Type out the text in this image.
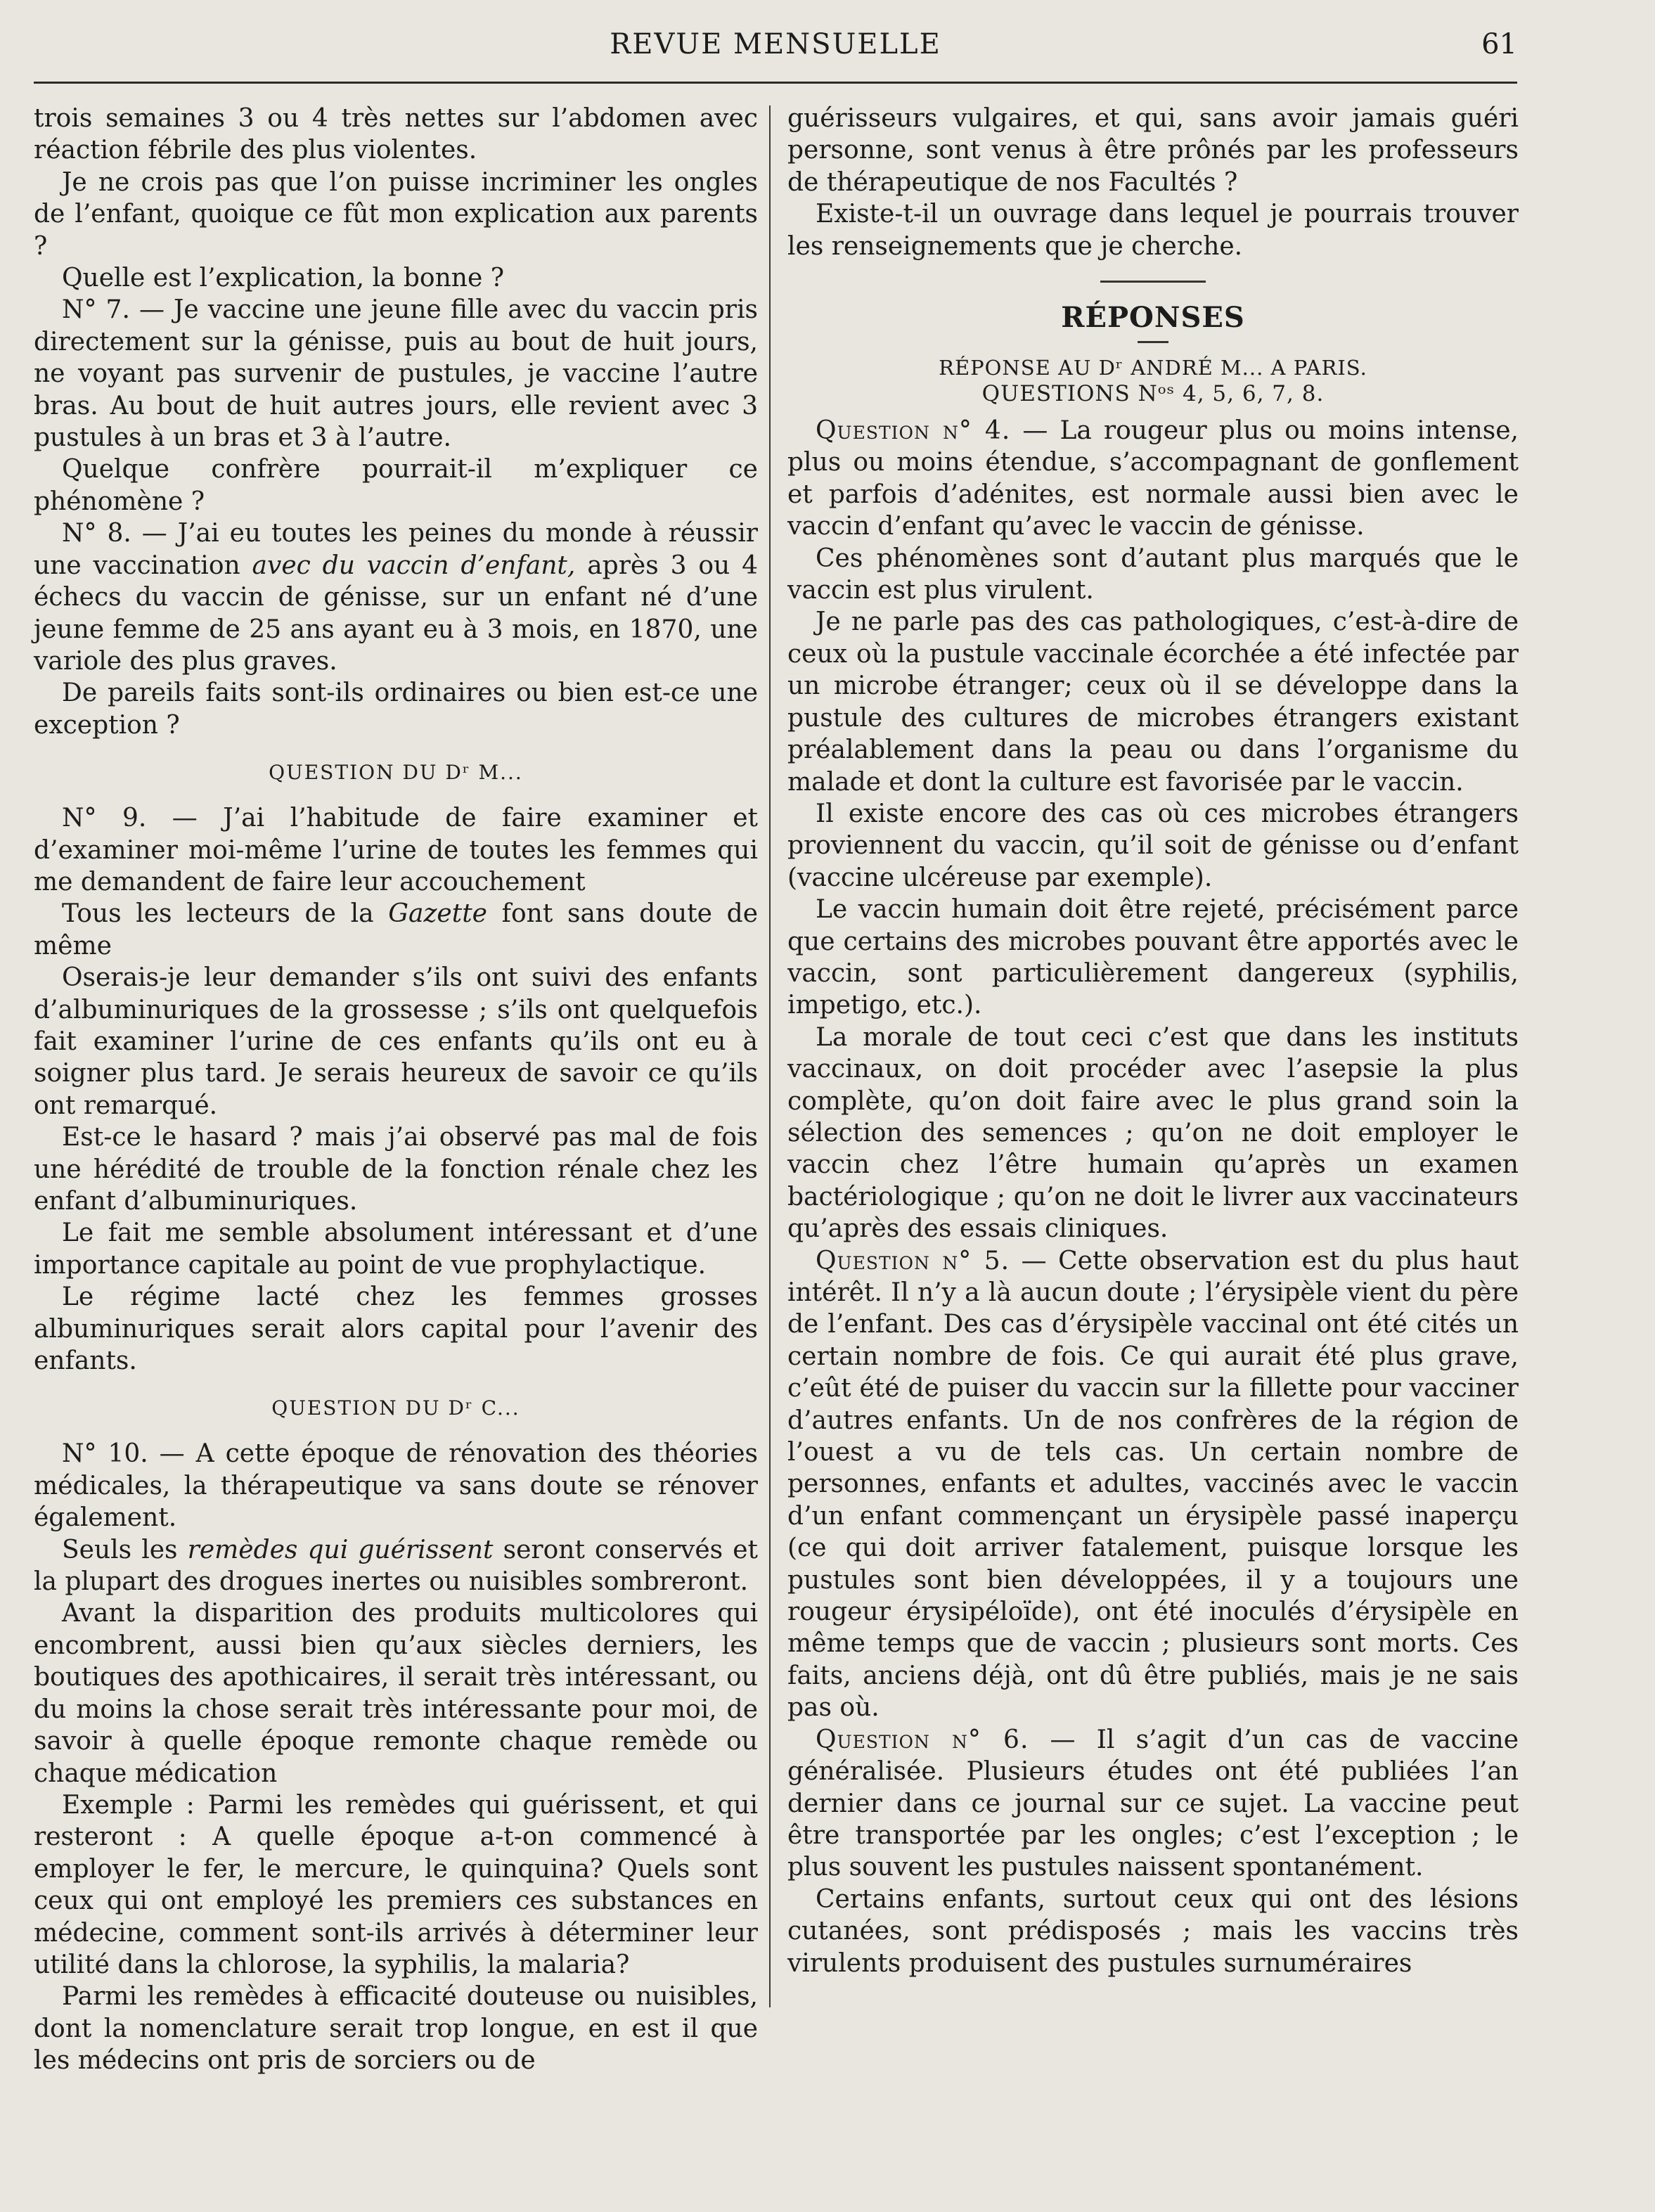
REVUE MENSUELLE	61

trois semaines 3 ou 4 très nettes sur l’abdomen avec réaction fébrile des plus violentes.

Je ne crois pas que l’on puisse incriminer les ongles de l’enfant, quoique ce fût mon explication aux parents ?

Quelle est l’explication, la bonne ?

N° 7. — Je vaccine une jeune fille avec du vaccin pris directement sur la génisse, puis au bout de huit jours, ne voyant pas survenir de pustules, je vaccine l’autre bras. Au bout de huit autres jours, elle revient avec 3 pustules à un bras et 3 à l’autre.

Quelque confrère pourrait-il m’expliquer ce phénomène ?

N° 8. — J’ai eu toutes les peines du monde à réussir une vaccination avec du vaccin d’enfant, après 3 ou 4 échecs du vaccin de génisse, sur un enfant né d’une jeune femme de 25 ans ayant eu à 3 mois, en 1870, une variole des plus graves.

De pareils faits sont-ils ordinaires ou bien est-ce une exception ?

QUESTION DU Dʳ M...

N° 9. — J’ai l’habitude de faire examiner et d’examiner moi-même l’urine de toutes les femmes qui me demandent de faire leur accouchement

Tous les lecteurs de la Gazette font sans doute de même

Oserais-je leur demander s’ils ont suivi des enfants d’albuminuriques de la grossesse ; s’ils ont quelquefois fait examiner l’urine de ces enfants qu’ils ont eu à soigner plus tard. Je serais heureux de savoir ce qu’ils ont remarqué.

Est-ce le hasard ? mais j’ai observé pas mal de fois une hérédité de trouble de la fonction rénale chez les enfant d’albuminuriques.

Le fait me semble absolument intéressant et d’une importance capitale au point de vue prophylactique.

Le régime lacté chez les femmes grosses albuminuriques serait alors capital pour l’avenir des enfants.

QUESTION DU Dʳ C...

N° 10. — A cette époque de rénovation des théories médicales, la thérapeutique va sans doute se rénover également.

Seuls les remèdes qui guérissent seront conservés et la plupart des drogues inertes ou nuisibles sombreront.

Avant la disparition des produits multicolores qui encombrent, aussi bien qu’aux siècles derniers, les boutiques des apothicaires, il serait très intéressant, ou du moins la chose serait très intéressante pour moi, de savoir à quelle époque remonte chaque remède ou chaque médication

Exemple : Parmi les remèdes qui guérissent, et qui resteront : A quelle époque a-t-on commencé à employer le fer, le mercure, le quinquina? Quels sont ceux qui ont employé les premiers ces substances en médecine, comment sont-ils arrivés à déterminer leur utilité dans la chlorose, la syphilis, la malaria?

Parmi les remèdes à efficacité douteuse ou nuisibles, dont la nomenclature serait trop longue, en est il que les médecins ont pris de sorciers ou de

guérisseurs vulgaires, et qui, sans avoir jamais guéri personne, sont venus à être prônés par les professeurs de thérapeutique de nos Facultés ?

Existe-t-il un ouvrage dans lequel je pourrais trouver les renseignements que je cherche.

RÉPONSES
RÉPONSE AU Dʳ ANDRÉ M... A PARIS.
QUESTIONS Nᵒˢ 4, 5, 6, 7, 8.

Question n° 4. — La rougeur plus ou moins intense, plus ou moins étendue, s’accompagnant de gonflement et parfois d’adénites, est normale aussi bien avec le vaccin d’enfant qu’avec le vaccin de génisse.

Ces phénomènes sont d’autant plus marqués que le vaccin est plus virulent.

Je ne parle pas des cas pathologiques, c’est-à-dire de ceux où la pustule vaccinale écorchée a été infectée par un microbe étranger; ceux où il se développe dans la pustule des cultures de microbes étrangers existant préalablement dans la peau ou dans l’organisme du malade et dont la culture est favorisée par le vaccin.

Il existe encore des cas où ces microbes étrangers proviennent du vaccin, qu’il soit de génisse ou d’enfant (vaccine ulcéreuse par exemple).

Le vaccin humain doit être rejeté, précisément parce que certains des microbes pouvant être apportés avec le vaccin, sont particulièrement dangereux (syphilis, impetigo, etc.).

La morale de tout ceci c’est que dans les instituts vaccinaux, on doit procéder avec l’asepsie la plus complète, qu’on doit faire avec le plus grand soin la sélection des semences ; qu’on ne doit employer le vaccin chez l’être humain qu’après un examen bactériologique ; qu’on ne doit le livrer aux vaccinateurs qu’après des essais cliniques.

Question n° 5. — Cette observation est du plus haut intérêt. Il n’y a là aucun doute ; l’érysipèle vient du père de l’enfant. Des cas d’érysipèle vaccinal ont été cités un certain nombre de fois. Ce qui aurait été plus grave, c’eût été de puiser du vaccin sur la fillette pour vacciner d’autres enfants. Un de nos confrères de la région de l’ouest a vu de tels cas. Un certain nombre de personnes, enfants et adultes, vaccinés avec le vaccin d’un enfant commençant un érysipèle passé inaperçu (ce qui doit arriver fatalement, puisque lorsque les pustules sont bien développées, il y a toujours une rougeur érysipéloïde), ont été inoculés d’érysipèle en même temps que de vaccin ; plusieurs sont morts. Ces faits, anciens déjà, ont dû être publiés, mais je ne sais pas où.

Question n° 6. — Il s’agit d’un cas de vaccine généralisée. Plusieurs études ont été publiées l’an dernier dans ce journal sur ce sujet. La vaccine peut être transportée par les ongles; c’est l’exception ; le plus souvent les pustules naissent spontanément.

Certains enfants, surtout ceux qui ont des lésions cutanées, sont prédisposés ; mais les vaccins très virulents produisent des pustules surnuméraires
